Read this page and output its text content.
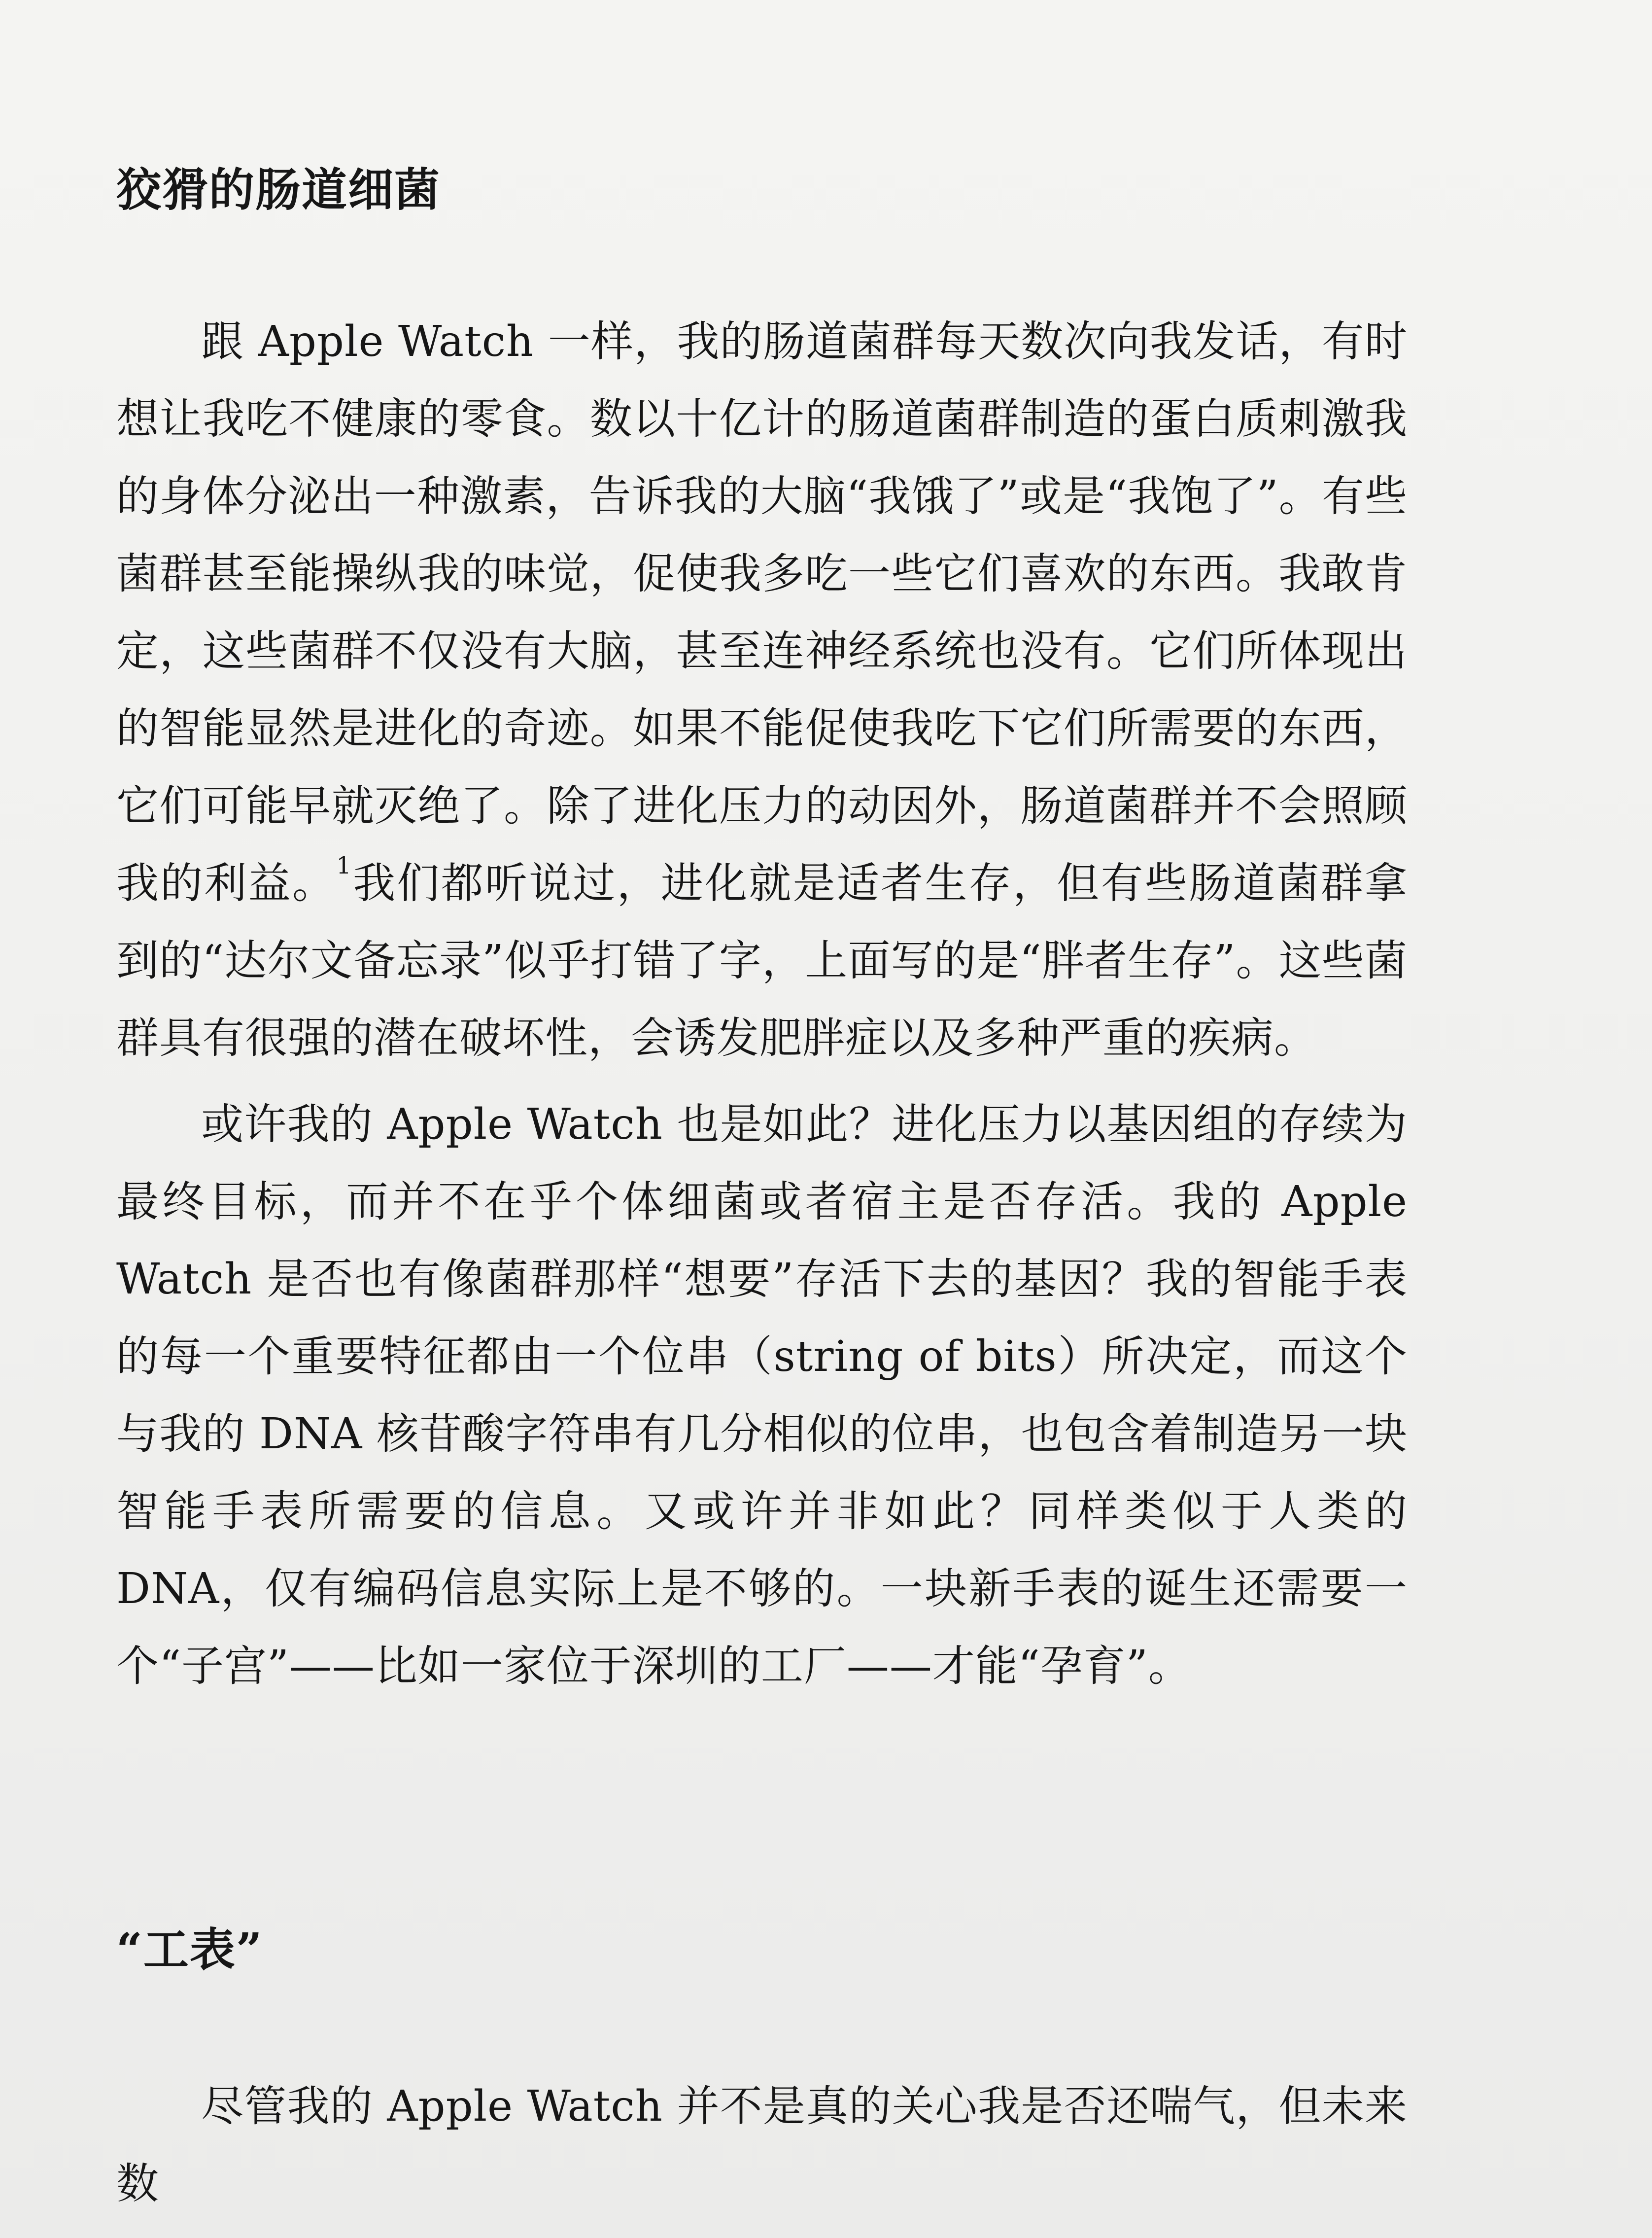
狡猾的肠道细菌

跟 Apple Watch 一样，我的肠道菌群每天数次向我发话，有时想让我吃不健康的零食。数以十亿计的肠道菌群制造的蛋白质刺激我的身体分泌出一种激素，告诉我的大脑“我饿了”或是“我饱了”。有些菌群甚至能操纵我的味觉，促使我多吃一些它们喜欢的东西。我敢肯定，这些菌群不仅没有大脑，甚至连神经系统也没有。它们所体现出的智能显然是进化的奇迹。如果不能促使我吃下它们所需要的东西，它们可能早就灭绝了。除了进化压力的动因外，肠道菌群并不会照顾我的利益。$^1$我们都听说过，进化就是适者生存，但有些肠道菌群拿到的“达尔文备忘录”似乎打错了字，上面写的是“胖者生存”。这些菌群具有很强的潜在破坏性，会诱发肥胖症以及多种严重的疾病。

或许我的 Apple Watch 也是如此？进化压力以基因组的存续为最终目标，而并不在乎个体细菌或者宿主是否存活。我的 Apple Watch 是否也有像菌群那样“想要”存活下去的基因？我的智能手表的每一个重要特征都由一个位串（string of bits）所决定，而这个与我的 DNA 核苷酸字符串有几分相似的位串，也包含着制造另一块智能手表所需要的信息。又或许并非如此？同样类似于人类的 DNA，仅有编码信息实际上是不够的。一块新手表的诞生还需要一个“子宫”——比如一家位于深圳的工厂——才能“孕育”。

“工表”

尽管我的 Apple Watch 并不是真的关心我是否还喘气，但未来数
